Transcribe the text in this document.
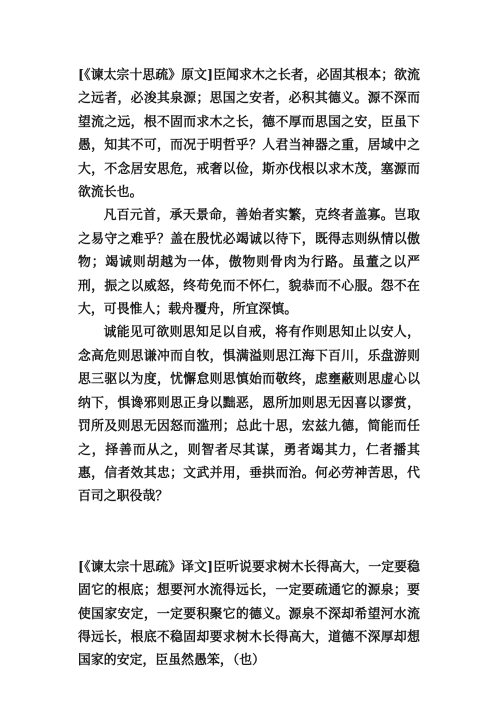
[《谏太宗十思疏》原文]臣闻求木之长者，必固其根本；欲流之远者，必浚其泉源；思国之安者，必积其德义。源不深而望流之远，根不固而求木之长，德不厚而思国之安，臣虽下愚，知其不可，而况于明哲乎？人君当神器之重，居域中之大，不念居安思危，戒奢以俭，斯亦伐根以求木茂，塞源而欲流长也。

凡百元首，承天景命，善始者实繁，克终者盖寡。岂取之易守之难乎？盖在殷忧必竭诚以待下，既得志则纵情以傲物；竭诚则胡越为一体，傲物则骨肉为行路。虽董之以严刑，振之以威怒，终苟免而不怀仁，貌恭而不心服。怨不在大，可畏惟人；载舟覆舟，所宜深慎。

诚能见可欲则思知足以自戒，将有作则思知止以安人，念高危则思谦冲而自牧，惧满溢则思江海下百川，乐盘游则思三驱以为度，忧懈怠则思慎始而敬终，虑壅蔽则思虚心以纳下，惧谗邪则思正身以黜恶，恩所加则思无因喜以谬赏，罚所及则思无因怒而滥刑；总此十思，宏兹九德，简能而任之，择善而从之，则智者尽其谋，勇者竭其力，仁者播其惠，信者效其忠；文武并用，垂拱而治。何必劳神苦思，代百司之职役哉？

[《谏太宗十思疏》译文]臣听说要求树木长得高大，一定要稳固它的根底；想要河水流得远长，一定要疏通它的源泉；要使国家安定，一定要积聚它的德义。源泉不深却希望河水流得远长，根底不稳固却要求树木长得高大，道德不深厚却想国家的安定，臣虽然愚笨，（也）
